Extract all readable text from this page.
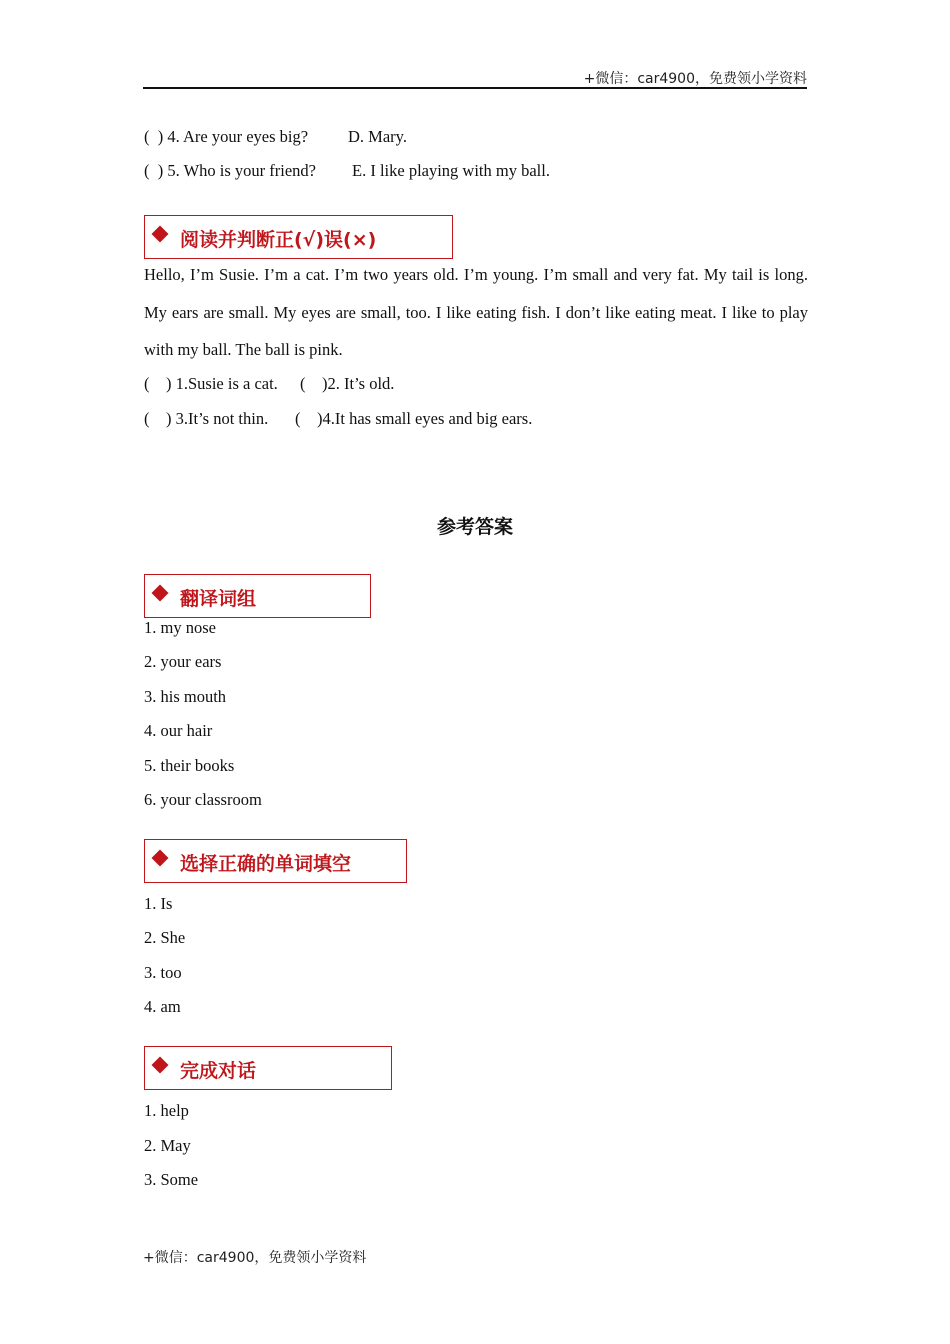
+微信：car4900，免费领小学资料
( ) 4. Are your eyes big? D. Mary.
( ) 5. Who is your friend? E. I like playing with my ball.
阅读并判断正(√)误(×)
Hello, I’m Susie. I’m a cat. I’m two years old. I’m young. I’m small and very fat. My tail is long. My ears are small. My eyes are small, too. I like eating fish. I don’t like eating meat. I like to play with my ball. The ball is pink.
( ) 1.Susie is a cat. ( )2. It’s old.
( ) 3.It’s not thin. ( )4.It has small eyes and big ears.
参考答案
翻译词组
1. my nose
2. your ears
3. his mouth
4. our hair
5. their books
6. your classroom
选择正确的单词填空
1. Is
2. She
3. too
4. am
完成对话
1. help
2. May
3. Some
+微信：car4900，免费领小学资料
